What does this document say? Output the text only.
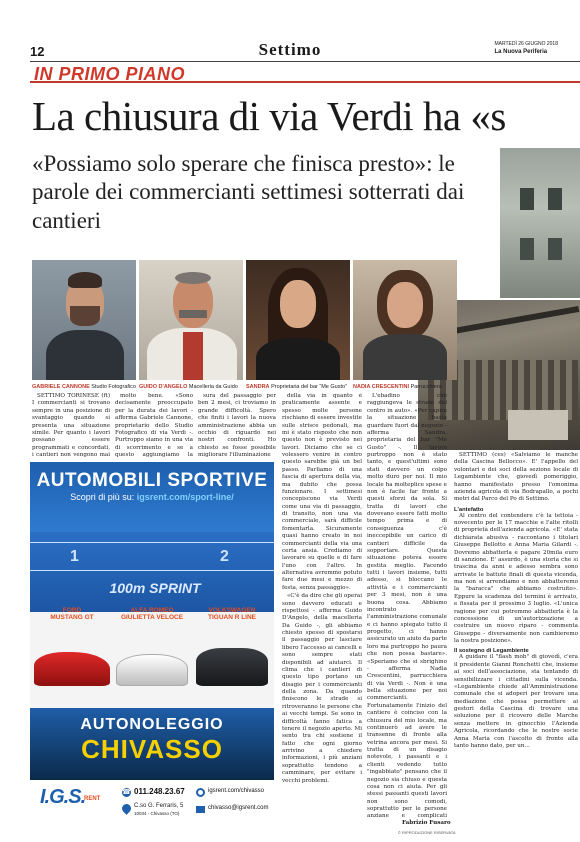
12	Settimo	MARTEDÌ 26 GIUGNO 2018
La Nuova Periferia
IN PRIMO PIANO
La chiusura di via Verdi ha «s
«Possiamo solo sperare che finisca presto»: le parole dei commercianti settimesi sotterrati dai cantieri
GABRIELE CANNONE Studio Fotografico GUIDO D'ANGELO Macelleria da Guido SANDRA Proprietaria del bar “Me Gusto” NADIA CRESCENTINI Parrucchiera

SETTIMO TORINESE (ft) I commercianti si trovano sempre in una posizione di svantaggio quando si presenta una situazione simile. Per quanto i lavori possano essere programmati e concordati, i cantieri non vengono mai

molto bene. «Sono decisamente preoccupato per la durata dei lavori - afferma Gabriele Cannone, proprietario dello Studio Fotografico di via Verdi -. Purtroppo siamo in una via di scorrimento e se a questo aggiungiamo la

sura del passaggio per ben 2 mesi, ci troviamo in grande difficoltà. Spero che finiti i lavori la nuova amministrazione abbia un occhio di riguardo nei nostri confronti. Ho chiesto se fosse possibile migliorare l'illuminazione

della via in quanto è praticamente assente e spesso molte persone rischiano di essere investite sulle strisce pedonali, ma mi è stato risposto che non questo non è previsto nei lavori. Diciamo che se ci volessero venire in contro questo sarebbe già un bel passo. Parliamo di una fascia di apertura della via, ma dubito che possa funzionare. I settimesi concepiscono via Verdi come una via di passaggio, di transito, non una via commerciale, sarà difficile fomentarla. Sicuramente quasi hanno creato in noi commercianti della via una certa ansia. Crediamo di lavorare su quelle e di fare l'uno con l'altro. In alternativa avremmo potuto fare due mesi e mezzo di festa, senza passaggio».

«C'è da dire che gli operai sono davvero educati e rispettosi - afferma Guido D'Angelo, della macelleria Da Guido -, gli abbiamo chiesto spesso di spostarsi il passaggio per lasciare libero l'accesso ai cancelli e sono sempre stati disponibili ad aiutarci. Il clima che i cantieri di questo tipo portano un disagio per i commercianti della zona. Da quando finiscono le strade si ritroveranno le persone che ai vecchi tempi. Se sono in difficoltà fanno fatica a tenere il negozio aperto. Mi sento tra chi sostiene il fatto che ogni giorno arrivino a chiedere informazioni, i più anziani soprattutto tendono a camminare, per evitare i vecchi problemi.

L'ebadino che raggiungeva le strade del centro in auto». «Per capire la situazione basta guardare fuori dal negozio - afferma Sandra, proprietaria del bar "Me Gusto" -. Il lavoro purtroppo non è stato tanto, e quest'ultimi sono stati davvero un colpo molto duro per noi. Il mio locale ha molteplice spese e non è facile far fronte a questi sforzi da sola. Si tratta di lavori che dovevano essere fatti molto tempo prima e di conseguenza c'è ineccepibile un carico di cantieri difficile da sopportare. Questa situazione poteva essere gestita meglio. Facendo tutti i lavori insieme, tutti adesso, si bloccano le attività e i commercianti per 3 mesi, non è una buona cosa. Abbiamo incontrato l'amministrazione comunale e ci hanno spiegato tutto il progetto, ci hanno assicurato un aiuto da parte loro ma purtroppo ho paura che non possa bastare». «Speriamo che si sbrighino - afferma Nadia Crescentini, parrucchiera di via Verdi -. Non è una bella situazione per noi commercianti. Fortunatamente l'inizio del cantiere è coinciso con la chiusura del mio locale, ma continuerò ad avere le transenne di fronte alla vetrina ancora per mesi. Si tratta di un disagio notevole, i passanti e i clienti vedendo tutto "ingabbiato" pensano che il negozio sia chiuso e questa cosa non ci aiuta. Per gli stessi passanti questi lavori non sono comodi, soprattutto per le persone anziane e complicati

Fabrizio Fusaro
© RIPRODUZIONE RISERVATA

SETTIMO (ces) «Salviamo le manche della Cascina Bellocco». E' l'appello del volontari e dei soci della sezione locale di Legambiente che, giovedì pomeriggio, hanno manifestato presso l'omonima azienda agricola di via Bodrapallo, a pochi metri dal Parco del Po di Settimo.

L'antefatto

Al centro del contendere c'è la tettoia - novecento per le 17 macchie e l'alte ritolli di proprietà dell'azienda agricola. «E' stata dichiarata abusiva - raccontano i titolari Giuseppe Bellotto e Anna Maria Gilardi -. Dovremo abbatterla e pagare 20mila euro di sanzione. E' assurdo, è una storia che si trascina da anni e adesso sembra sono arrivate le battute finali di questa vicenda, ma non si arrendiamo e non abbatteremo la "baracca" che abbiamo costruito». Eppure la scadenza del termini è arrivato, e fissata per il prossimo 3 luglio. «L'unica ragione per cui potremmo abbatterla è la concessione di un'autorizzazione a costruire un nuovo riparo - commenta Giuseppe - diversamente non cambieremo la nostra posizione».

Il sostegno di Legambiente

A guidare il "flash mob" di giovedì, c'era il presidente Gianni Ronchetti che, insieme ai soci dell'associazione, sta tentando di sensibilizzare i cittadini sulla vicenda. «Legambiente chiede all'Amministrazione comunale che si adoperi per trovare una mediazione che possa permettere ai gestori della Cascina di trovare una soluzione per il ricovero delle Marche senza mettere in ginocchio l'Azienda Agricola, ricordando che le nostre socie Anna Maria con l'ascolto di fronte alla tanto hanno dato, per un...

AUTOMOBILI SPORTIVE
Scopri di più su: igsrent.com/sport-line/
1	2
100m SPRINT
FORD
MUSTANG GT
ALFA ROMEO
GIULIETTA VELOCE
VOLKSWAGEN
TIGUAN R LINE
AUTONOLEGGIO
CHIVASSO
I.G.S.
RENT
☎ 011.248.23.67
C.so G. Ferraris, 5
10034 - Chivasso (TO)
igsrent.com/chivasso
chivasso@igsrent.com
